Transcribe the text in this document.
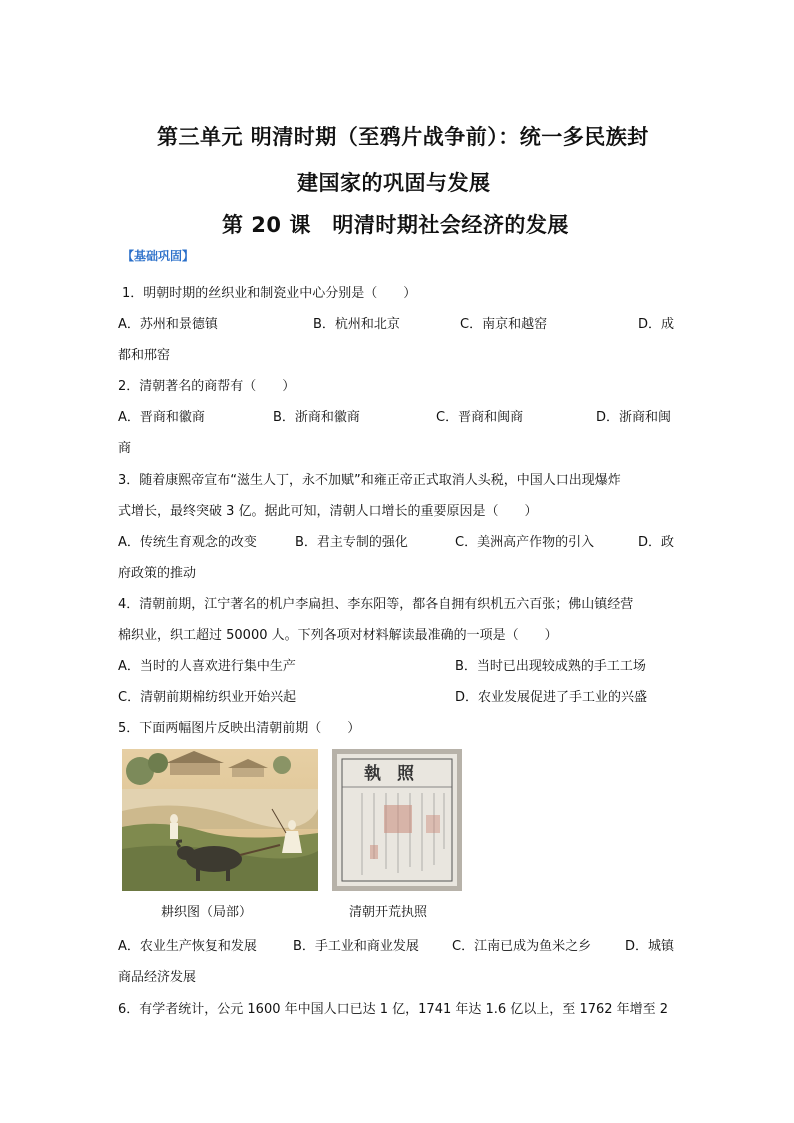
第三单元 明清时期（至鸦片战争前）：统一多民族封
建国家的巩固与发展
第 20 课　明清时期社会经济的发展
【基础巩固】
1．明朝时期的丝织业和制瓷业中心分别是（　　）
A．苏州和景德镇	B．杭州和北京	C．南京和越窑	D．成
都和邢窑
2．清朝著名的商帮有（　　）
A．晋商和徽商	B．浙商和徽商	C．晋商和闽商	D．浙商和闽
商
3．随着康熙帝宣布“滋生人丁，永不加赋”和雍正帝正式取消人头税，中国人口出现爆炸
式增长，最终突破 3 亿。据此可知，清朝人口增长的重要原因是（　　）
A．传统生育观念的改变	B．君主专制的强化	C．美洲高产作物的引入	D．政
府政策的推动
4．清朝前期，江宁著名的机户李扁担、李东阳等，都各自拥有织机五六百张；佛山镇经营
棉织业，织工超过 50000 人。下列各项对材料解读最准确的一项是（　　）
A．当时的人喜欢进行集中生产	B．当时已出现较成熟的手工工场
C．清朝前期棉纺织业开始兴起	D．农业发展促进了手工业的兴盛
5．下面两幅图片反映出清朝前期（　　）
耕织图（局部）
執照
清朝开荒执照
A．农业生产恢复和发展	B．手工业和商业发展	C．江南已成为鱼米之乡	D．城镇
商品经济发展
6．有学者统计，公元 1600 年中国人口已达 1 亿，1741 年达 1.6 亿以上，至 1762 年增至 2
